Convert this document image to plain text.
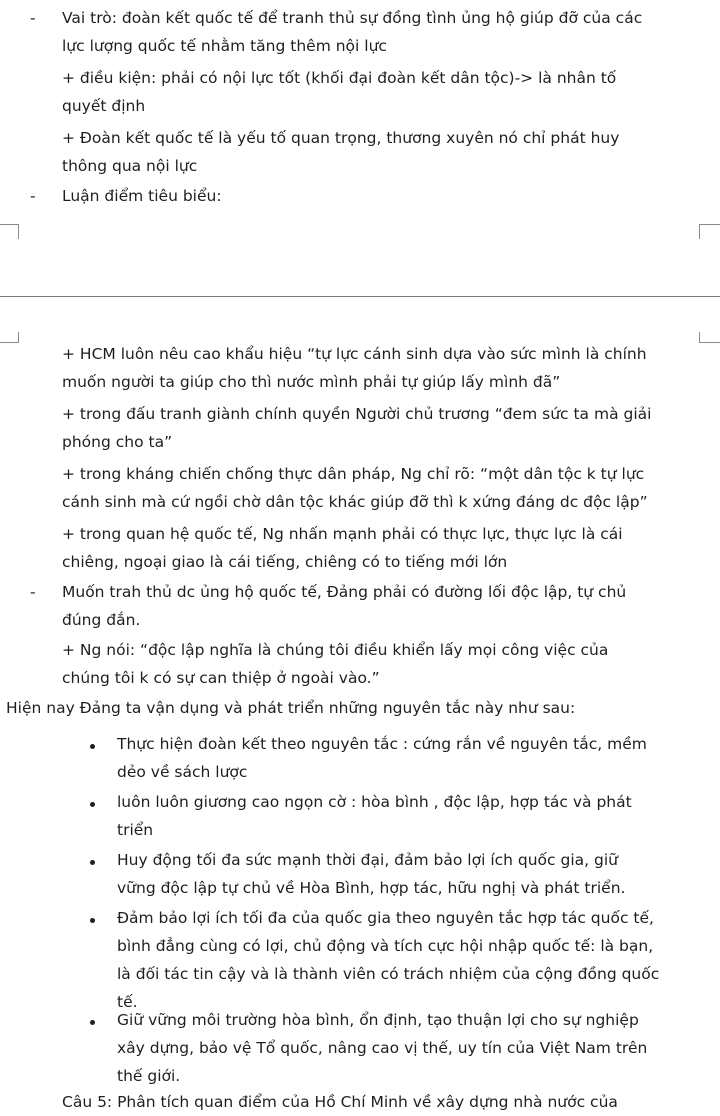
- Vai trò: đoàn kết quốc tế để tranh thủ sự đồng tình ủng hộ giúp đỡ của các
lực lượng quốc tế nhằm tăng thêm nội lực
+ điều kiện: phải có nội lực tốt (khối đại đoàn kết dân tộc)-> là nhân tố
quyết định
+ Đoàn kết quốc tế là yếu tố quan trọng, thương xuyên nó chỉ phát huy
thông qua nội lực
- Luận điểm tiêu biểu:
+ HCM luôn nêu cao khẩu hiệu “tự lực cánh sinh dựa vào sức mình là chính
muốn người ta giúp cho thì nước mình phải tự giúp lấy mình đã”
+ trong đấu tranh giành chính quyền Người chủ trương “đem sức ta mà giải
phóng cho ta”
+ trong kháng chiến chống thực dân pháp, Ng chỉ rõ: “một dân tộc k tự lực
cánh sinh mà cứ ngồi chờ dân tộc khác giúp đỡ thì k xứng đáng dc độc lập”
+ trong quan hệ quốc tế, Ng nhấn mạnh phải có thực lực, thực lực là cái
chiêng, ngoại giao là cái tiếng, chiêng có to tiếng mới lớn
- Muốn trah thủ dc ủng hộ quốc tế, Đảng phải có đường lối độc lập, tự chủ
đúng đắn.
+ Ng nói: “độc lập nghĩa là chúng tôi điều khiển lấy mọi công việc của
chúng tôi k có sự can thiệp ở ngoài vào.”
Hiện nay Đảng ta vận dụng và phát triển những nguyên tắc này như sau:
Thực hiện đoàn kết theo nguyên tắc : cứng rắn về nguyên tắc, mềm
dẻo về sách lược
luôn luôn giương cao ngọn cờ : hòa bình , độc lập, hợp tác và phát
triển
Huy động tối đa sức mạnh thời đại, đảm bảo lợi ích quốc gia, giữ
vững độc lập tự chủ về Hòa Bình, hợp tác, hữu nghị và phát triển.
Đảm bảo lợi ích tối đa của quốc gia theo nguyên tắc hợp tác quốc tế,
bình đẳng cùng có lợi, chủ động và tích cực hội nhập quốc tế: là bạn,
là đối tác tin cậy và là thành viên có trách nhiệm của cộng đồng quốc
tế.
Giữ vững môi trường hòa bình, ổn định, tạo thuận lợi cho sự nghiệp
xây dựng, bảo vệ Tổ quốc, nâng cao vị thế, uy tín của Việt Nam trên
thế giới.
Câu 5: Phân tích quan điểm của Hồ Chí Minh về xây dựng nhà nước của
